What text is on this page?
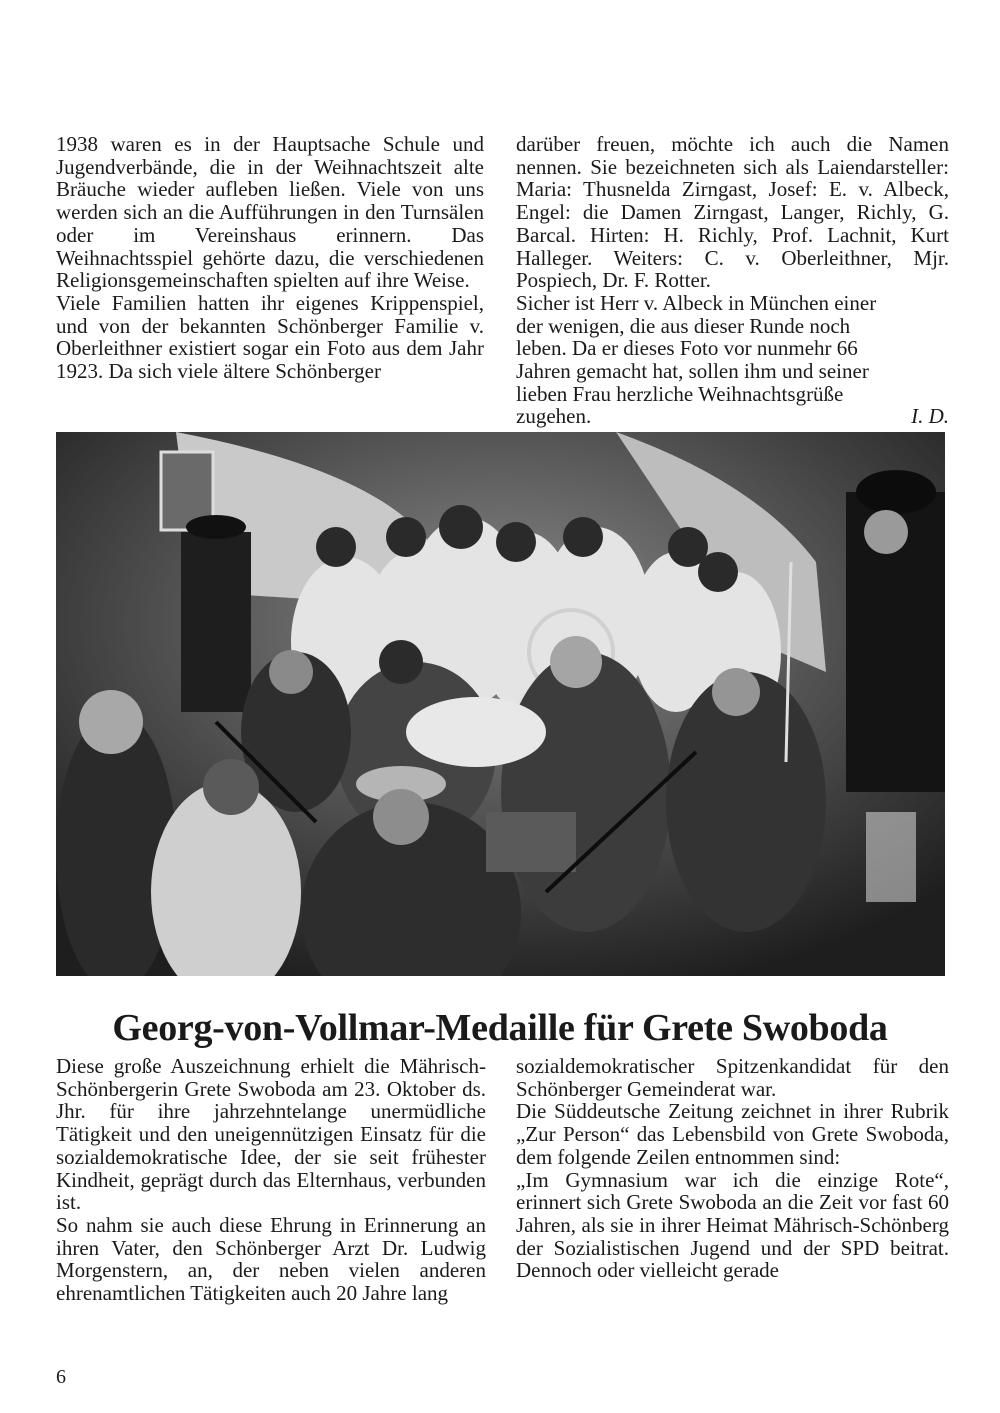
1938 waren es in der Hauptsache Schule und Jugendverbände, die in der Weihnachtszeit alte Bräuche wieder aufleben ließen. Viele von uns werden sich an die Aufführungen in den Turnsälen oder im Vereinshaus erinnern. Das Weihnachtsspiel gehörte dazu, die verschiedenen Religionsgemeinschaften spielten auf ihre Weise.

Viele Familien hatten ihr eigenes Krippenspiel, und von der bekannten Schönberger Familie v. Oberleithner existiert sogar ein Foto aus dem Jahr 1923. Da sich viele ältere Schönberger

darüber freuen, möchte ich auch die Namen nennen. Sie bezeichneten sich als Laiendarsteller: Maria: Thusnelda Zirngast, Josef: E. v. Albeck, Engel: die Damen Zirngast, Langer, Richly, G. Barcal. Hirten: H. Richly, Prof. Lachnit, Kurt Halleger. Weiters: C. v. Oberleithner, Mjr. Pospiech, Dr. F. Rotter.

Sicher ist Herr v. Albeck in München einer der wenigen, die aus dieser Runde noch leben. Da er dieses Foto vor nunmehr 66 Jahren gemacht hat, sollen ihm und seiner lieben Frau herzliche Weihnachtsgrüße zugehen.	I. D.
Georg-von-Vollmar-Medaille für Grete Swoboda

Diese große Auszeichnung erhielt die Mährisch-Schönbergerin Grete Swoboda am 23. Oktober ds. Jhr. für ihre jahrzehntelange unermüdliche Tätigkeit und den uneigennützigen Einsatz für die sozialdemokratische Idee, der sie seit frühester Kindheit, geprägt durch das Elternhaus, verbunden ist.

So nahm sie auch diese Ehrung in Erinnerung an ihren Vater, den Schönberger Arzt Dr. Ludwig Morgenstern, an, der neben vielen anderen ehrenamtlichen Tätigkeiten auch 20 Jahre lang

sozialdemokratischer Spitzenkandidat für den Schönberger Gemeinderat war.

Die Süddeutsche Zeitung zeichnet in ihrer Rubrik „Zur Person“ das Lebensbild von Grete Swoboda, dem folgende Zeilen entnommen sind:

„Im Gymnasium war ich die einzige Rote“, erinnert sich Grete Swoboda an die Zeit vor fast 60 Jahren, als sie in ihrer Heimat Mährisch-Schönberg der Sozialistischen Jugend und der SPD beitrat. Dennoch oder vielleicht gerade

6
